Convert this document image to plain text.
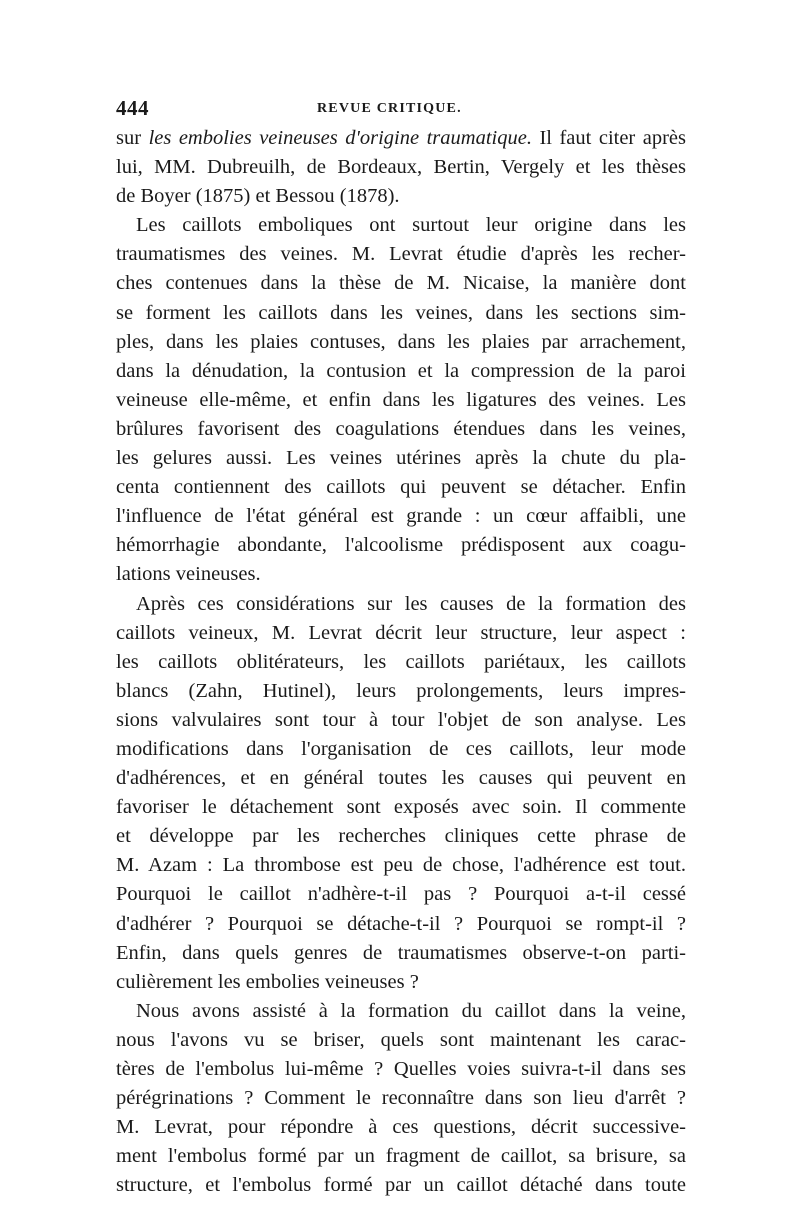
444	REVUE CRITIQUE.
sur les embolies veineuses d'origine traumatique. Il faut citer après
lui, MM. Dubreuilh, de Bordeaux, Bertin, Vergely et les thèses
de Boyer (1875) et Bessou (1878).
Les caillots emboliques ont surtout leur origine dans les
traumatismes des veines. M. Levrat étudie d'après les recher-
ches contenues dans la thèse de M. Nicaise, la manière dont
se forment les caillots dans les veines, dans les sections sim-
ples, dans les plaies contuses, dans les plaies par arrachement,
dans la dénudation, la contusion et la compression de la paroi
veineuse elle-même, et enfin dans les ligatures des veines. Les
brûlures favorisent des coagulations étendues dans les veines,
les gelures aussi. Les veines utérines après la chute du pla-
centa contiennent des caillots qui peuvent se détacher. Enfin
l'influence de l'état général est grande : un cœur affaibli, une
hémorrhagie abondante, l'alcoolisme prédisposent aux coagu-
lations veineuses.
Après ces considérations sur les causes de la formation des
caillots veineux, M. Levrat décrit leur structure, leur aspect :
les caillots oblitérateurs, les caillots pariétaux, les caillots
blancs (Zahn, Hutinel), leurs prolongements, leurs impres-
sions valvulaires sont tour à tour l'objet de son analyse. Les
modifications dans l'organisation de ces caillots, leur mode
d'adhérences, et en général toutes les causes qui peuvent en
favoriser le détachement sont exposés avec soin. Il commente
et développe par les recherches cliniques cette phrase de
M. Azam : La thrombose est peu de chose, l'adhérence est tout.
Pourquoi le caillot n'adhère-t-il pas ? Pourquoi a-t-il cessé
d'adhérer ? Pourquoi se détache-t-il ? Pourquoi se rompt-il ?
Enfin, dans quels genres de traumatismes observe-t-on parti-
culièrement les embolies veineuses ?
Nous avons assisté à la formation du caillot dans la veine,
nous l'avons vu se briser, quels sont maintenant les carac-
tères de l'embolus lui-même ? Quelles voies suivra-t-il dans ses
pérégrinations ? Comment le reconnaître dans son lieu d'arrêt ?
M. Levrat, pour répondre à ces questions, décrit successive-
ment l'embolus formé par un fragment de caillot, sa brisure, sa
structure, et l'embolus formé par un caillot détaché dans toute
